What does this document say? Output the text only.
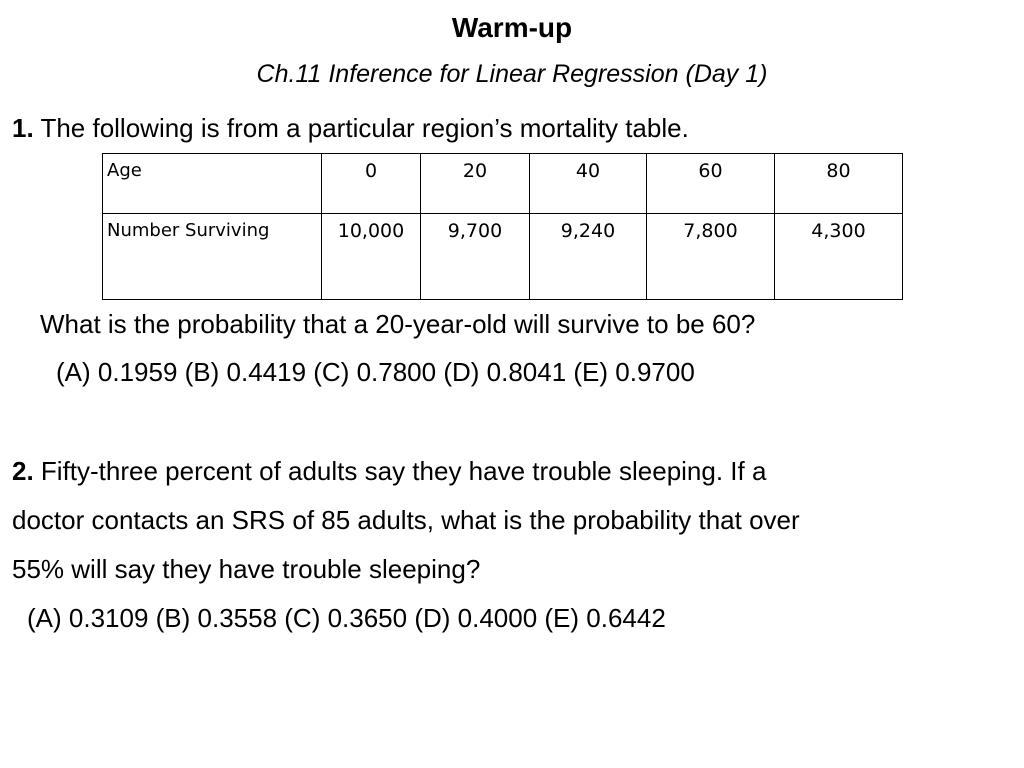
Warm-up
Ch.11 Inference for Linear Regression (Day 1)
1. The following is from a particular region’s mortality table.
Age	0	20	40	60	80
Number Surviving	10,000	9,700	9,240	7,800	4,300
What is the probability that a 20-year-old will survive to be 60?
(A) 0.1959 (B) 0.4419 (C) 0.7800 (D) 0.8041 (E) 0.9700
2. Fifty-three percent of adults say they have trouble sleeping. If a
doctor contacts an SRS of 85 adults, what is the probability that over
55% will say they have trouble sleeping?
(A) 0.3109 (B) 0.3558 (C) 0.3650 (D) 0.4000 (E) 0.6442
